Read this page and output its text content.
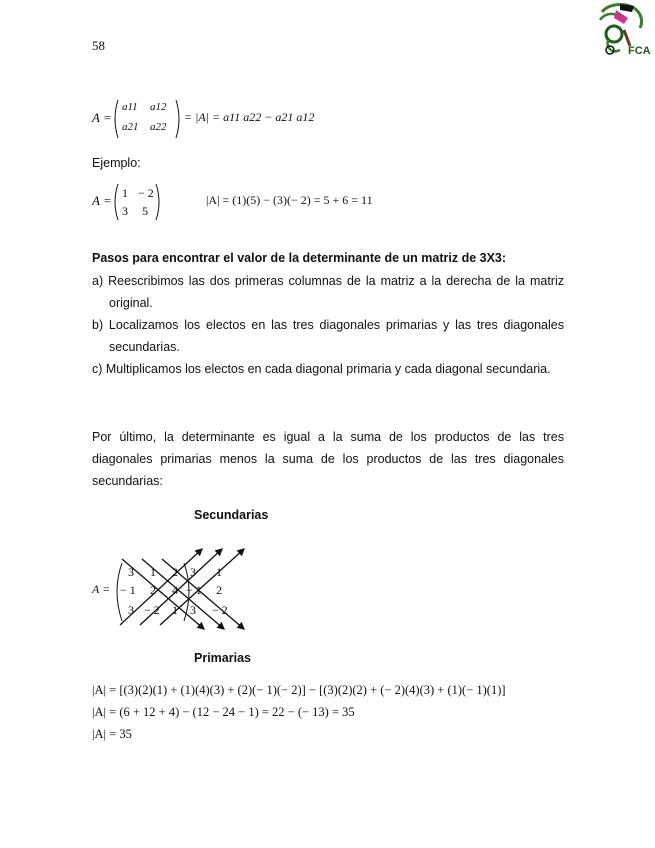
58	FCA
A =
a11 a12
a21 a22
= |A| = a11 a22 − a21 a12
Ejemplo:
A = 1 − 2
3 5
|A| = (1)(5) − (3)(− 2) = 5 + 6 = 11
Pasos para encontrar el valor de la determinante de un matriz de 3X3:
a) Reescribimos las dos primeras columnas de la matriz a la derecha de la matriz original.
b) Localizamos los electos en las tres diagonales primarias y las tres diagonales secundarias.
c) Multiplicamos los electos en cada diagonal primaria y cada diagonal secundaria.
Por último, la determinante es igual a la suma de los productos de las tres diagonales primarias menos la suma de los productos de las tres diagonales secundarias:
Secundarias
A =
3 1 2 3 1
− 1 2 4 − 1 2
3 − 2 1 3 − 2
Primarias
|A| = [(3)(2)(1) + (1)(4)(3) + (2)(− 1)(− 2)] − [(3)(2)(2) + (− 2)(4)(3) + (1)(− 1)(1)]
|A| = (6 + 12 + 4) − (12 − 24 − 1) = 22 − (− 13) = 35
|A| = 35
